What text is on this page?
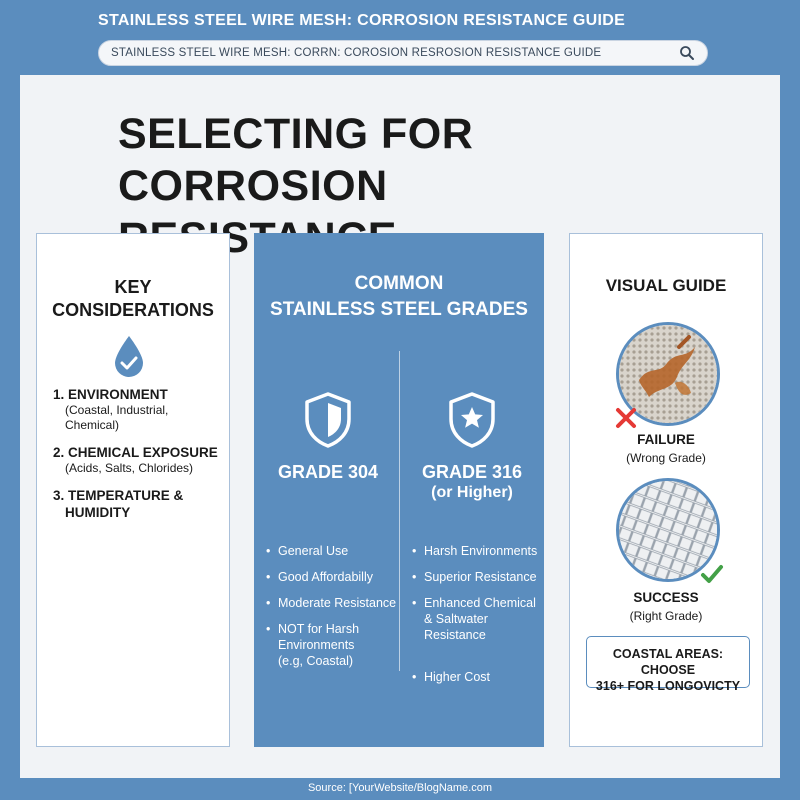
STAINLESS STEEL WIRE MESH: CORROSION RESISTANCE GUIDE
STAINLESS STEEL WIRE MESH: CORRN: COROSION RESROSION RESISTANCE GUIDE
SELECTING FOR CORROSION
KEY
CONSIDERATIONS
1. ENVIRONMENT
(Coastal, Industrial, Chemical)
2. CHEMICAL EXPOSURE
(Acids, Salts, Chlorides)
3. TEMPERATURE &
HUMIDITY
COMMON
STAINLESS STEEL GRADES
GRADE 304	GRADE 316
(or Higher)
• General Use
• Good Affordabilly
• Moderate Resistance
• NOT for Harsh
Environments
(e.g, Coastal)
• Harsh Environments
• Superior Resistance
• Enhanced Chemical
& Saltwater Resistance
• Higher Cost
VISUAL GUIDE
FAILURE
(Wrong Grade)
SUCCESS
(Right Grade)
COASTAL AREAS: CHOOSE
316+ FOR LONGOVICTY
Source: [YourWebsite/BlogName.com
